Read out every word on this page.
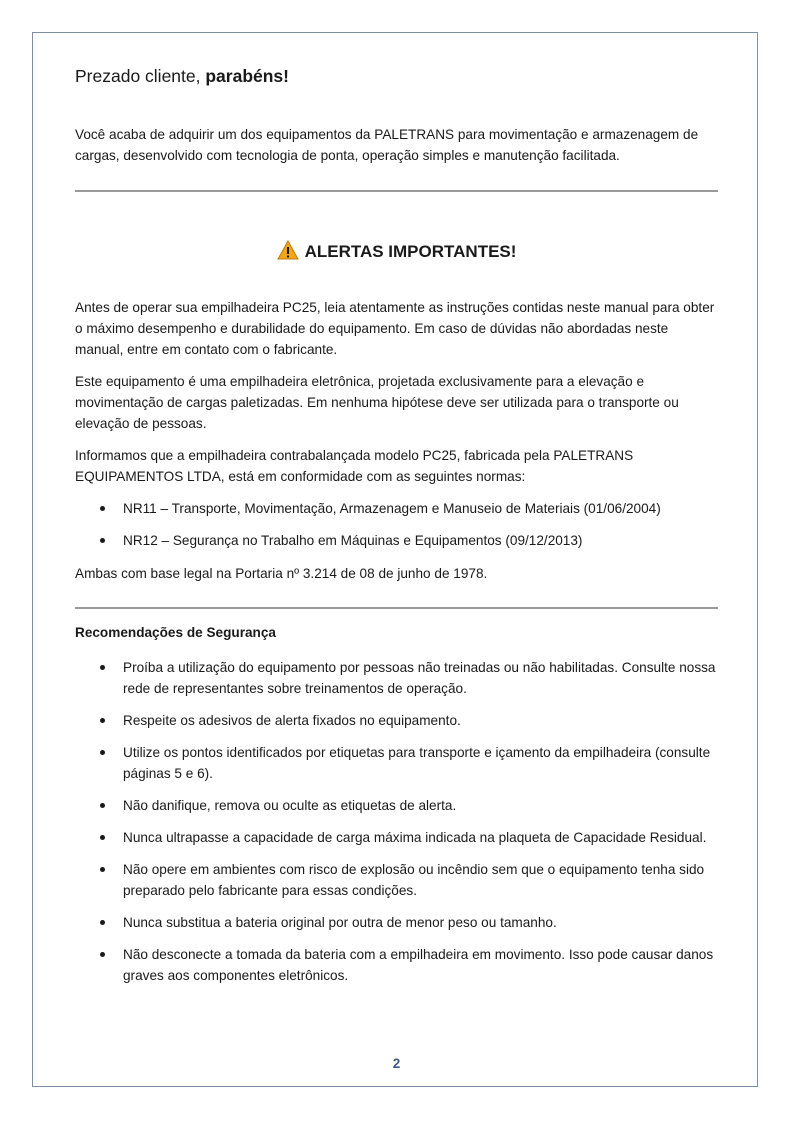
Prezado cliente, parabéns!
Você acaba de adquirir um dos equipamentos da PALETRANS para movimentação e armazenagem de cargas, desenvolvido com tecnologia de ponta, operação simples e manutenção facilitada.
ALERTAS IMPORTANTES!
Antes de operar sua empilhadeira PC25, leia atentamente as instruções contidas neste manual para obter o máximo desempenho e durabilidade do equipamento. Em caso de dúvidas não abordadas neste manual, entre em contato com o fabricante.
Este equipamento é uma empilhadeira eletrônica, projetada exclusivamente para a elevação e movimentação de cargas paletizadas. Em nenhuma hipótese deve ser utilizada para o transporte ou elevação de pessoas.
Informamos que a empilhadeira contrabalançada modelo PC25, fabricada pela PALETRANS EQUIPAMENTOS LTDA, está em conformidade com as seguintes normas:
NR11 – Transporte, Movimentação, Armazenagem e Manuseio de Materiais (01/06/2004)
NR12 – Segurança no Trabalho em Máquinas e Equipamentos (09/12/2013)
Ambas com base legal na Portaria nº 3.214 de 08 de junho de 1978.
Recomendações de Segurança
Proíba a utilização do equipamento por pessoas não treinadas ou não habilitadas. Consulte nossa rede de representantes sobre treinamentos de operação.
Respeite os adesivos de alerta fixados no equipamento.
Utilize os pontos identificados por etiquetas para transporte e içamento da empilhadeira (consulte páginas 5 e 6).
Não danifique, remova ou oculte as etiquetas de alerta.
Nunca ultrapasse a capacidade de carga máxima indicada na plaqueta de Capacidade Residual.
Não opere em ambientes com risco de explosão ou incêndio sem que o equipamento tenha sido preparado pelo fabricante para essas condições.
Nunca substitua a bateria original por outra de menor peso ou tamanho.
Não desconecte a tomada da bateria com a empilhadeira em movimento. Isso pode causar danos graves aos componentes eletrônicos.
2
